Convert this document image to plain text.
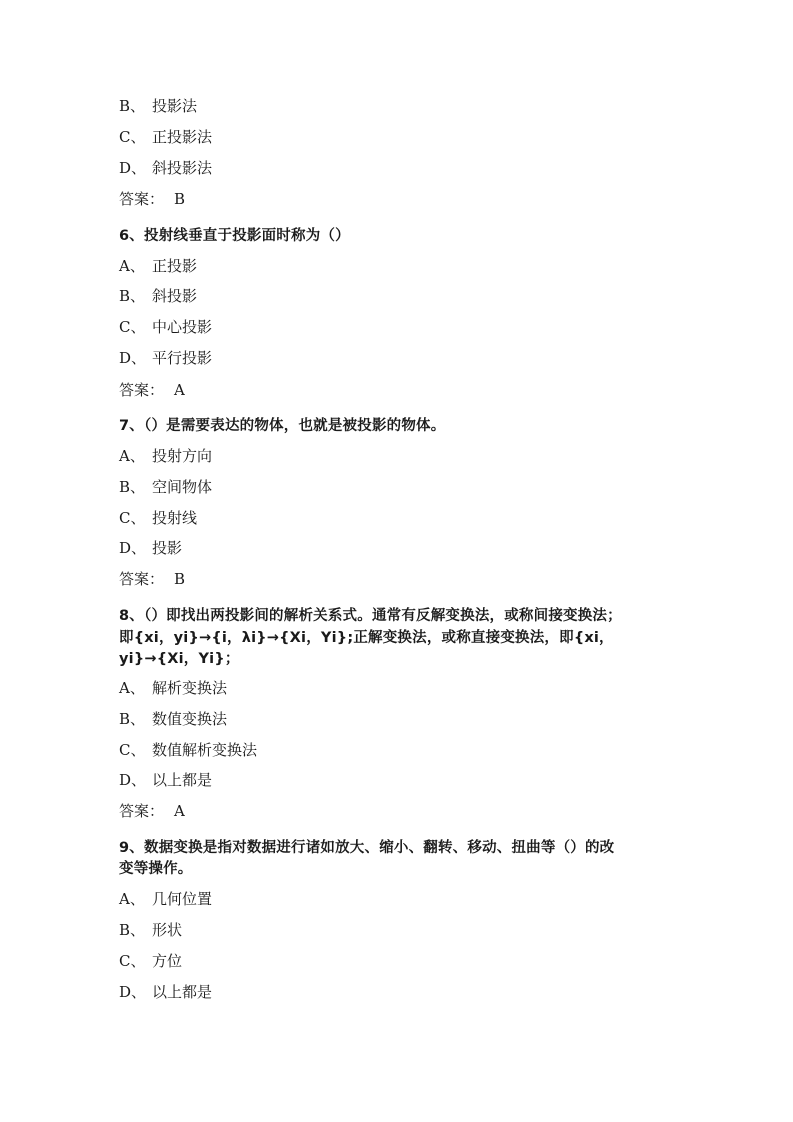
B、 投影法
C、 正投影法
D、 斜投影法
答案： B
6、投射线垂直于投影面时称为（）
A、 正投影
B、 斜投影
C、 中心投影
D、 平行投影
答案： A
7、（）是需要表达的物体，也就是被投影的物体。
A、 投射方向
B、 空间物体
C、 投射线
D、 投影
答案： B
8、（）即找出两投影间的解析关系式。通常有反解变换法，或称间接变换法；
即{xi，yi}→{i，λi}→{Xi，Yi};正解变换法，或称直接变换法，即{xi，
yi}→{Xi，Yi}；
A、 解析变换法
B、 数值变换法
C、 数值解析变换法
D、 以上都是
答案： A
9、数据变换是指对数据进行诸如放大、缩小、翻转、移动、扭曲等（）的改
变等操作。
A、 几何位置
B、 形状
C、 方位
D、 以上都是
